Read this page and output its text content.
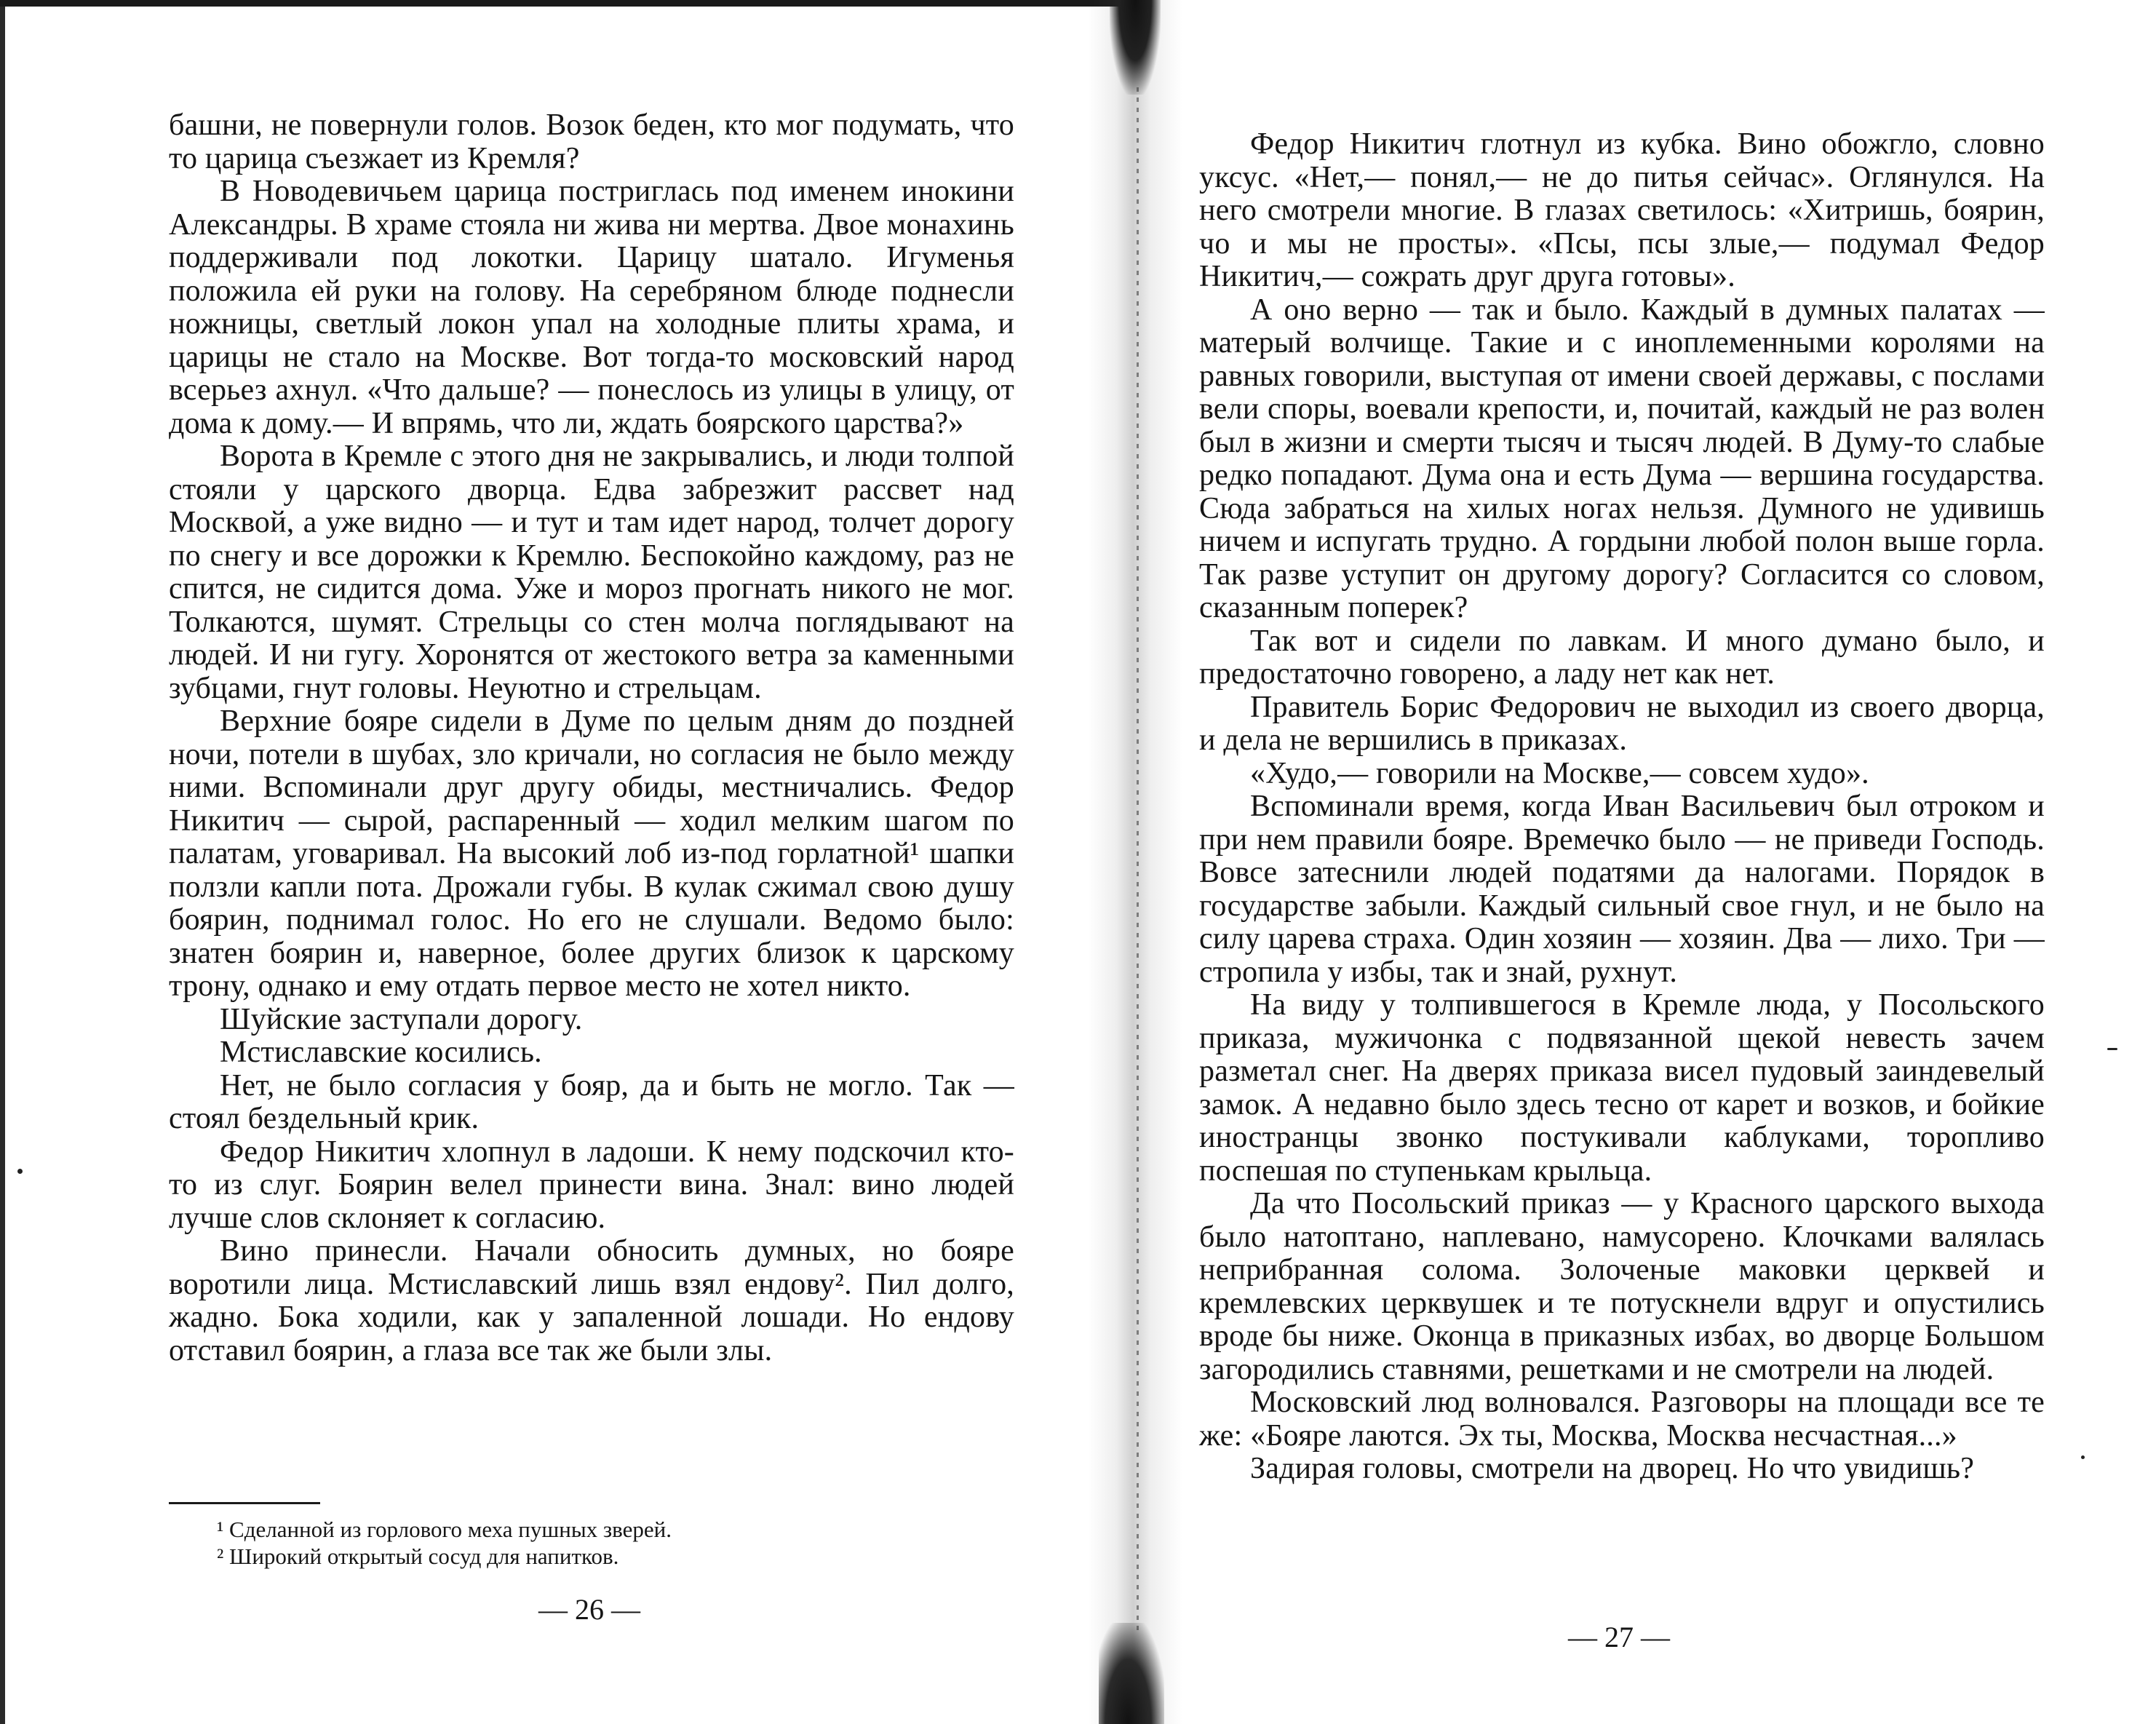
башни, не повернули голов. Возок беден, кто мог подумать, что то царица съезжает из Кремля?

В Новодевичьем царица постриглась под именем инокини Александры. В храме стояла ни жива ни мертва. Двое монахинь поддерживали под локотки. Царицу шатало. Игуменья положила ей руки на голову. На серебряном блюде поднесли ножницы, светлый локон упал на холодные плиты храма, и царицы не стало на Москве. Вот тогда-то московский народ всерьез ахнул. «Что дальше? — понеслось из улицы в улицу, от дома к дому.— И впрямь, что ли, ждать боярского царства?»

Ворота в Кремле с этого дня не закрывались, и люди толпой стояли у царского дворца. Едва забрезжит рассвет над Москвой, а уже видно — и тут и там идет народ, толчет дорогу по снегу и все дорожки к Кремлю. Беспокойно каждому, раз не спится, не сидится дома. Уже и мороз прогнать никого не мог. Толкаются, шумят. Стрельцы со стен молча поглядывают на людей. И ни гугу. Хоронятся от жестокого ветра за каменными зубцами, гнут головы. Неуютно и стрельцам.

Верхние бояре сидели в Думе по целым дням до поздней ночи, потели в шубах, зло кричали, но согласия не было между ними. Вспоминали друг другу обиды, местничались. Федор Никитич — сырой, распаренный — ходил мелким шагом по палатам, уговаривал. На высокий лоб из-под горлатной¹ шапки ползли капли пота. Дрожали губы. В кулак сжимал свою душу боярин, поднимал голос. Но его не слушали. Ведомо было: знатен боярин и, наверное, более других близок к царскому трону, однако и ему отдать первое место не хотел никто.

Шуйские заступали дорогу.

Мстиславские косились.

Нет, не было согласия у бояр, да и быть не могло. Так — стоял бездельный крик.

Федор Никитич хлопнул в ладоши. К нему подскочил кто-то из слуг. Боярин велел принести вина. Знал: вино людей лучше слов склоняет к согласию.

Вино принесли. Начали обносить думных, но бояре воротили лица. Мстиславский лишь взял ендову². Пил долго, жадно. Бока ходили, как у запаленной лошади. Но ендову отставил боярин, а глаза все так же были злы.

¹ Сделанной из горлового меха пушных зверей.

² Широкий открытый сосуд для напитков.

— 26 —

Федор Никитич глотнул из кубка. Вино обожгло, словно уксус. «Нет,— понял,— не до питья сейчас». Оглянулся. На него смотрели многие. В глазах светилось: «Хитришь, боярин, чо и мы не просты». «Псы, псы злые,— подумал Федор Никитич,— сожрать друг друга готовы».

А оно верно — так и было. Каждый в думных палатах — матерый волчище. Такие и с иноплеменными королями на равных говорили, выступая от имени своей державы, с послами вели споры, воевали крепости, и, почитай, каждый не раз волен был в жизни и смерти тысяч и тысяч людей. В Думу-то слабые редко попадают. Дума она и есть Дума — вершина государства. Сюда забраться на хилых ногах нельзя. Думного не удивишь ничем и испугать трудно. А гордыни любой полон выше горла. Так разве уступит он другому дорогу? Согласится со словом, сказанным поперек?

Так вот и сидели по лавкам. И много думано было, и предостаточно говорено, а ладу нет как нет.

Правитель Борис Федорович не выходил из своего дворца, и дела не вершились в приказах.

«Худо,— говорили на Москве,— совсем худо».

Вспоминали время, когда Иван Васильевич был отроком и при нем правили бояре. Времечко было — не приведи Господь. Вовсе затеснили людей податями да налогами. Порядок в государстве забыли. Каждый сильный свое гнул, и не было на силу царева страха. Один хозяин — хозяин. Два — лихо. Три — стропила у избы, так и знай, рухнут.

На виду у толпившегося в Кремле люда, у Посольского приказа, мужичонка с подвязанной щекой невесть зачем разметал снег. На дверях приказа висел пудовый заиндевелый замок. А недавно было здесь тесно от карет и возков, и бойкие иностранцы звонко постукивали каблуками, торопливо поспешая по ступенькам крыльца.

Да что Посольский приказ — у Красного царского выхода было натоптано, наплевано, намусорено. Клочками валялась неприбранная солома. Золоченые маковки церквей и кремлевских церквушек и те потускнели вдруг и опустились вроде бы ниже. Оконца в приказных избах, во дворце Большом загородились ставнями, решетками и не смотрели на людей.

Московский люд волновался. Разговоры на площади все те же: «Бояре лаются. Эх ты, Москва, Москва несчастная...»

Задирая головы, смотрели на дворец. Но что увидишь?

— 27 —
